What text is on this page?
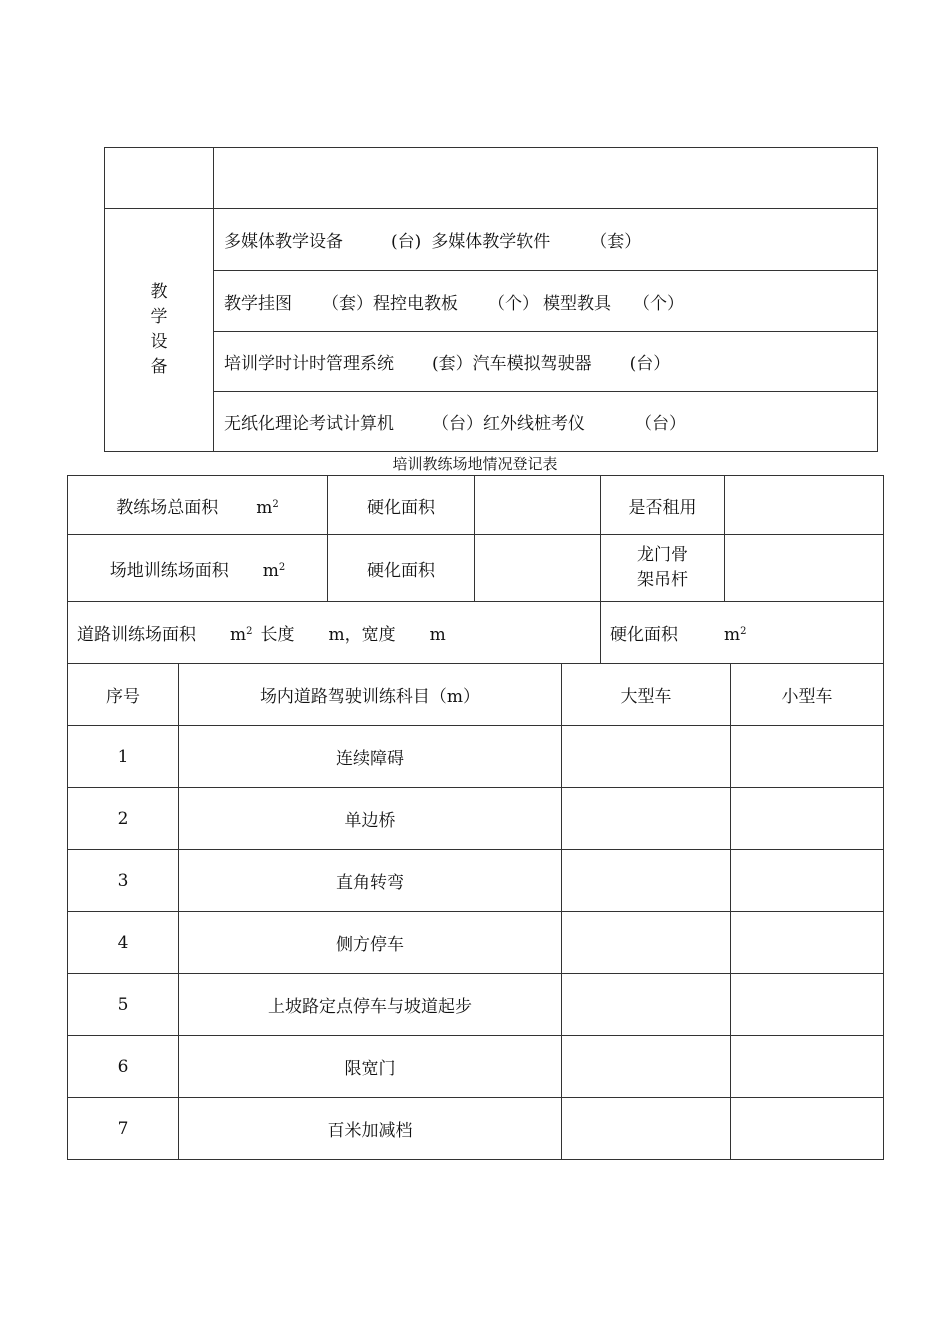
教
学
设
备	多媒体教学设备 (台) 多媒体教学软件 （套）
	教学挂图 （套）程控电教板 （个） 模型教具 （个）
	培训学时计时管理系统 (套）汽车模拟驾驶器 (台）
	无纸化理论考试计算机 （台）红外线桩考仪 （台）
培训教练场地情况登记表
教练场总面积 $m^2$	硬化面积		是否租用	
场地训练场面积 $m^2$	硬化面积		龙门骨
架吊杆	
道路训练场面积 $m^2$ 长度 m，宽度 m			硬化面积 $m^2$
序号	场内道路驾驶训练科目（m）	大型车	小型车
1	连续障碍		
2	单边桥		
3	直角转弯		
4	侧方停车		
5	上坡路定点停车与坡道起步		
6	限宽门		
7	百米加减档		
